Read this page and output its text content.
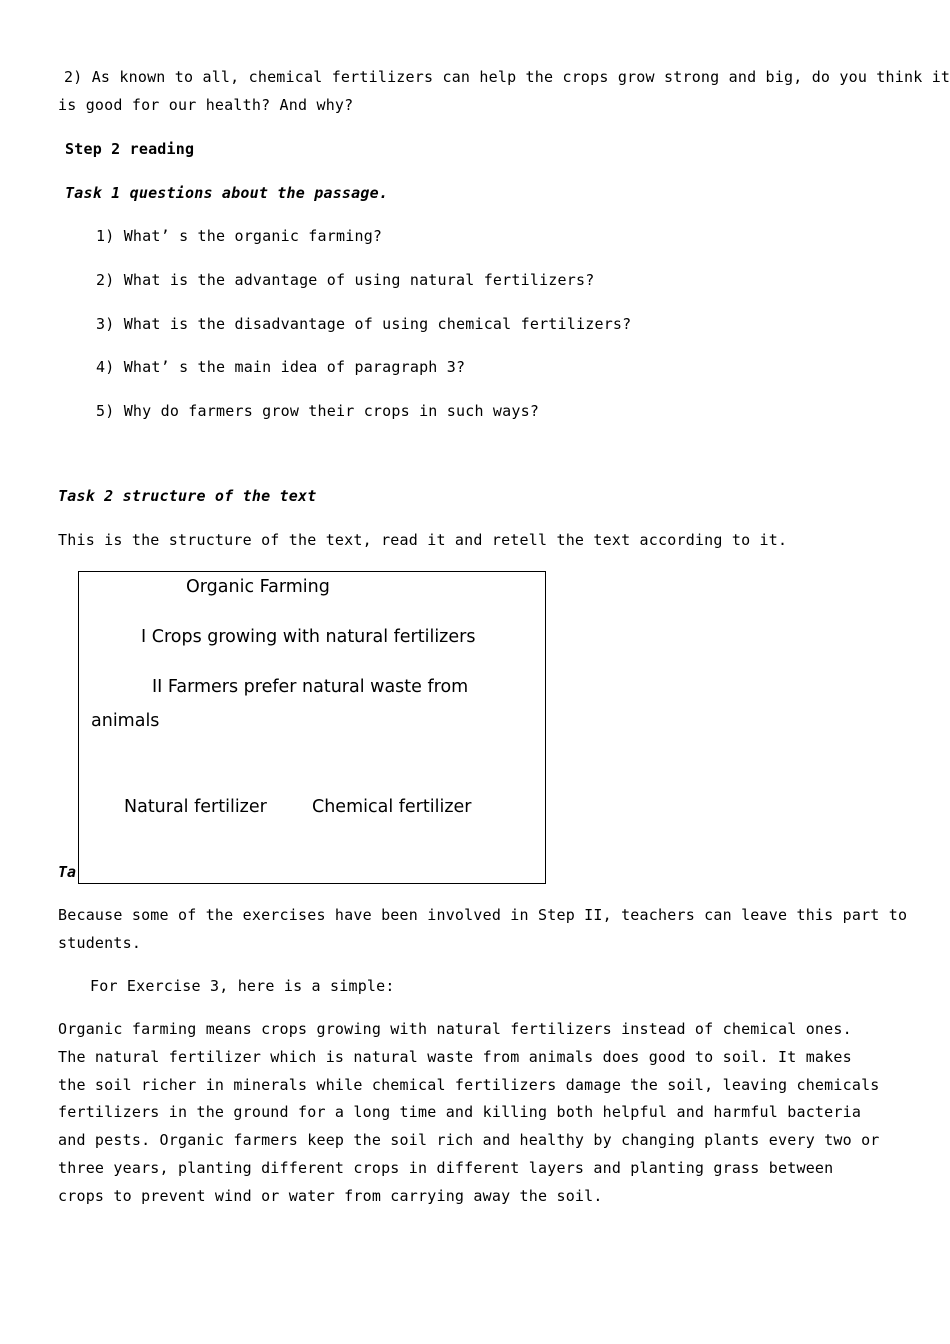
2) As known to all, chemical fertilizers can help the crops grow strong and big, do you think it
is good for our health? And why?
Step 2 reading
Task 1 questions about the passage.
1) What’ s the organic farming?
2) What is the advantage of using natural fertilizers?
3) What is the disadvantage of using chemical fertilizers?
4) What’ s the main idea of paragraph 3?
5) Why do farmers grow their crops in such ways?
Task 2 structure of the text
This is the structure of the text, read it and retell the text according to it.
Ta
Organic Farming
I Crops growing with natural fertilizers
II Farmers prefer natural waste from
animals
Natural fertilizer	Chemical fertilizer
Because some of the exercises have been involved in Step II, teachers can leave this part to
students.
For Exercise 3, here is a simple:
Organic farming means crops growing with natural fertilizers instead of chemical ones. The natural fertilizer which is natural waste from animals does good to soil. It makes the soil richer in minerals while chemical fertilizers damage the soil, leaving chemicals fertilizers in the ground for a long time and killing both helpful and harmful bacteria and pests. Organic farmers keep the soil rich and healthy by changing plants every two or three years, planting different crops in different layers and planting grass between crops to prevent wind or water from carrying away the soil.
